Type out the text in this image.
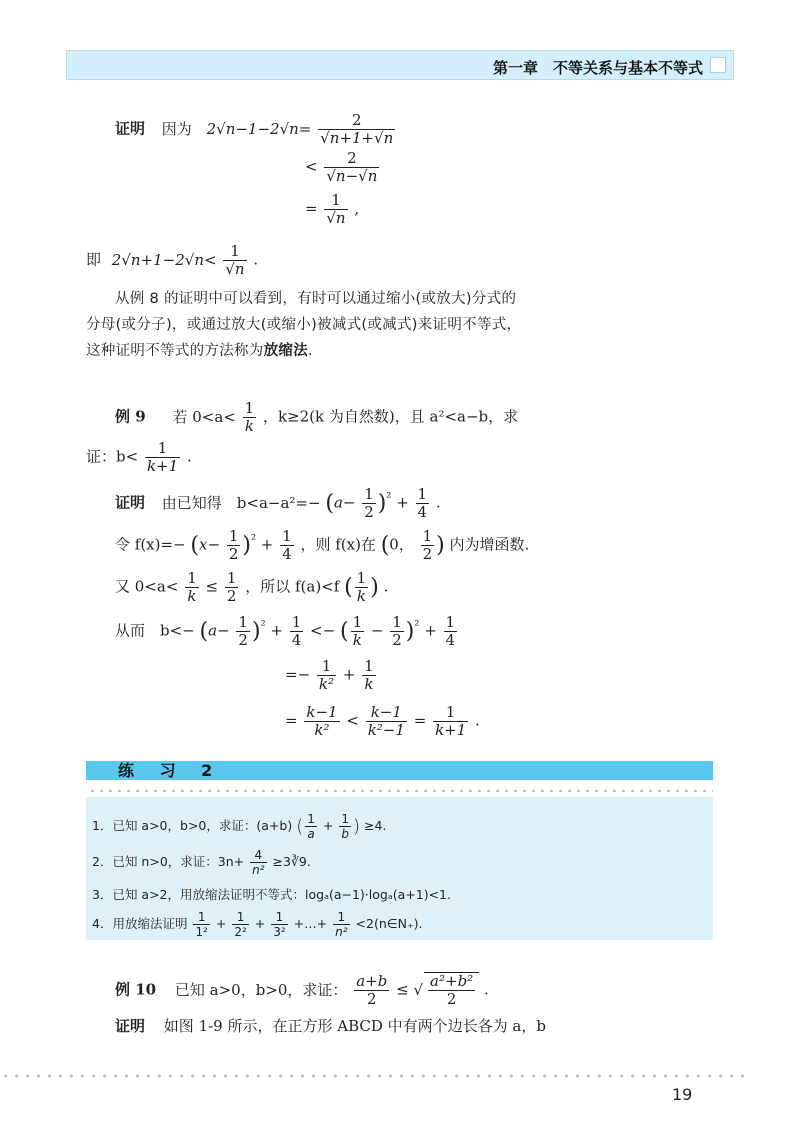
第一章　不等关系与基本不等式
证明 因为 $2√n-1-2√n= \frac{2}{√n+1+√n}$
< $\frac{2}{√n-√n}$
= $\frac{1}{√n}$ ,
即 $2√n+1-2√n< \frac{1}{√n}$ .
从例 8 的证明中可以看到，有时可以通过缩小(或放大)分式的
分母(或分子)，或通过放大(或缩小)被减式(或减式)来证明不等式，
这种证明不等式的方法称为放缩法.
例 9 若 $0<a< \frac{1}{k}$ ，k≥2(k 为自然数)，且 a²<a−b，求
证：$b< \frac{1}{k+1}$ .
证明 由已知得　$b<a-a^2=- (a- \frac{1}{2} )^{^2} + \frac{1}{4}$ .
令 $f(x)=- (x- \frac{1}{2} )^{^2} + \frac{1}{4}$ ，则 f(x)在 (0， $\frac{1}{2}$ ) 内为增函数.
又 $0<a< \frac{1}{k} \le \frac{1}{2}$ ，所以 f(a)<f ( $\frac{1}{k}$ ) .
从而　$b<- (a- \frac{1}{2} )^{^2} + \frac{1}{4}$ <− ( $\frac{1}{k} - \frac{1}{2} )^{^2} + \frac{1}{4}$
=− $\frac{1}{\text{k²}} + \frac{1}{k}$
= $\frac{k-1}{\text{k²}} < \frac{k-1}{\text{k²−1}} = \frac{1}{k+1}$ .
练 习 2
1．已知 a>0，b>0，求证：(a+b) ( $\frac{1}{a} + \frac{1}{b}$ ) ≥4.
2．已知 n>0，求证：$3n+ \frac{4}{\text{n²}}$ ≥3∛9.
3．已知 a>2，用放缩法证明不等式：logₐ(a−1)·logₐ(a+1)<1.
4．用放缩法证明 $\frac{1}{\text{1²}} + \frac{1}{\text{2²}} + \frac{1}{\text{3²}}$ +…+ $\frac{1}{\text{n²}}$ <2(n∈N₊).
例 10 已知 a>0，b>0，求证： $\frac{a+b}{2}$ ≤ √ $\frac{\text{a²+b²}}{2}$ .
证明 如图 1-9 所示，在正方形 ABCD 中有两个边长各为 a，b
19
